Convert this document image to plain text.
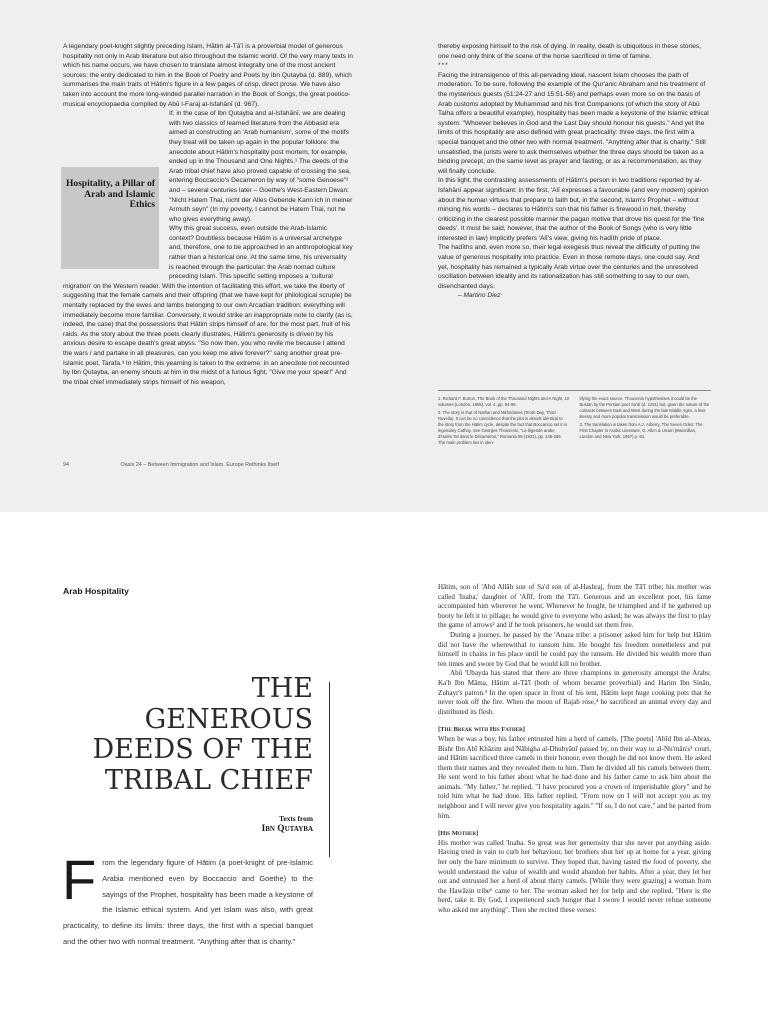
A legendary poet-knight slightly preceding Islam, Hātim al-Tā'ī is a proverbial model of generous hospitality not only in Arab literature but also throughout the Islamic world. Of the very many texts in which his name occurs, we have chosen to translate almost integrally one of the most ancient sources: the entry dedicated to him in the Book of Poetry and Poets by Ibn Qutayba (d. 889), which summarises the main traits of Hātim's figure in a few pages of crisp, direct prose. We have also taken into account the more long-winded parallel narration in the Book of Songs, the great poetico-musical encyclopaedia compiled by Abū l-Faraj al-Isfahānī (d. 967).

Hospitality, a Pillar of Arab and Islamic Ethics
If, in the case of Ibn Qutayba and al-Isfahānī, we are dealing with two classics of learned literature from the Abbasid era aimed at constructing an 'Arab humanism', some of the motifs they treat will be taken up again in the popular folklore: the anecdote about Hātim's hospitality post mortem, for example, ended up in the Thousand and One Nights.¹ The deeds of the Arab tribal chief have also proved capable of crossing the sea, entering Boccaccio's Decameron by way of "some Genoese"² and – several centuries later – Goethe's West-Eastern Diwan: "Nicht Hatem Thai, nicht der Alles Gebende Kann ich in meiner Armuth seyn" (In my poverty, I cannot be Hatem Thai, not he who gives everything away).
Why this great success, even outside the Arab-Islamic context? Doubtless because Hātim is a universal archetype and, therefore, one to be approached in an anthropological key rather than a historical one. At the same time, his universality is reached through the particular: the Arab nomad culture preceding Islam. This specific setting imposes a 'cultural migration' on the Western reader. With the intention of facilitating this effort, we take the liberty of suggesting that the female camels and their offspring (that we have kept for philological scruple) be mentally replaced by the ewes and lambs belonging to our own Arcadian tradition: everything will immediately become more familiar. Conversely, it would strike an inappropriate note to clarify (as is, indeed, the case) that the possessions that Hātim strips himself of are, for the most part, fruit of his raids. As the story about the three poets clearly illustrates, Hātim's generosity is driven by his anxious desire to escape death's great abyss. "So now then, you who revile me because I attend the wars / and partake in all pleasures, can you keep me alive forever?" sang another great pre-Islamic poet, Tarafa.³ In Hātim, this yearning is taken to the extreme: in an anecdote not recounted by Ibn Qutayba, an enemy shouts at him in the midst of a furious fight, "Give me your spear!" And the tribal chief immediately strips himself of his weapon,

94	Oasis 24 – Between Immigration and Islam. Europe Rethinks Itself

thereby exposing himself to the risk of dying. In reality, death is ubiquitous in these stories, one need only think of the scene of the horse sacrificed in time of famine.

***

Facing the intransigence of this all-pervading ideal, nascent Islam chooses the path of moderation. To be sure, following the example of the Qur'anic Abraham and his treatment of the mysterious guests (51:24-27 and 15:51-56) and perhaps even more so on the basis of Arab customs adopted by Muhammad and his first Companions (of which the story of Abū Talha offers a beautiful example), hospitality has been made a keystone of the Islamic ethical system: "Whoever believes in God and the Last Day should honour his guests." And yet the limits of this hospitality are also defined with great practicality: three days, the first with a special banquet and the other two with normal treatment. "Anything after that is charity." Still unsatisfied, the jurists were to ask themselves whether the three days should be taken as a binding precept, on the same level as prayer and fasting, or as a recommendation, as they will finally conclude.

In this light, the contrasting assessments of Hātim's person in two traditions reported by al-Isfahānī appear significant: in the first, 'Alī expresses a favourable (and very modern) opinion about the human virtues that prepare to faith but, in the second, Islam's Prophet – without mincing his words – declares to Hātim's son that his father is firewood in hell, thereby criticizing in the clearest possible manner the pagan motive that drove his quest for the 'fine deeds'. It must be said, however, that the author of the Book of Songs (who is very little interested in law) implicitly prefers 'Alī's view, giving his hadīth pride of place.

The hadīths and, even more so, their legal exegesis thus reveal the difficulty of putting the value of generous hospitality into practice. Even in those remote days, one could say. And yet, hospitality has remained a typically Arab virtue over the centuries and the unresolved oscillation between ideality and its rationalization has still something to say to our own, disenchanted days.

– Martino Diez

1. Richard F. Burton, The Book of the Thousand Nights and A Night, 10 volumes (London, 1885), vol. 4, pp. 94-96.

2. The story is that of Nathan and Mithridanes (Tenth Day, Third Novella). It can be no coincidence that the plot is almost identical to the story from the Hātim cycle, despite the fact that Boccaccio set it in legendary Cathay. See Georges Thouvenin, "La légende arabe d'Hatim Taï dans le Décaméron," Romania 59 (1933), pp. 248-269. The main problem lies in iden-

tifying the exact source. Thouvenin hypothesises it could be the Bustān by the Persian poet Sa'dī (d. 1291) but, given the nature of the contacts between East and West during the late Middle Ages, a less literary and more popular transmission would be preferable.

3. The translation is taken from A.J. Arberry, The Seven Odes: The First Chapter in Arabic Literature, G. Allen & Unwin (Macmillan, London and New York, 1957) p. 84.

Arab Hospitality
THE
GENEROUS
DEEDS OF THE
TRIBAL CHIEF
Texts from
Ibn Qutayba
F rom the legendary figure of Hātim (a poet-knight of pre-Islamic Arabia mentioned even by Boccaccio and Goethe) to the sayings of the Prophet, hospitality has been made a keystone of the Islamic ethical system. And yet Islam was also, with great practicality, to define its limits: three days, the first with a special banquet and the other two with normal treatment. "Anything after that is charity."

Hātim, son of 'Abd Allāh son of Sa'd son of al-Hashraj, from the Tā'ī tribe; his mother was called 'Inaba,' daughter of 'Afīf, from the Tā'ī. Generous and an excellent poet, his fame accompanied him wherever he went. Whenever he fought, he triumphed and if he gathered up booty he left it to pillage; he would give to everyone who asked; he was always the first to play the game of arrows² and if he took prisoners, he would set them free.

During a journey, he passed by the 'Anaza tribe: a prisoner asked him for help but Hātim did not have the wherewithal to ransom him. He bought his freedom nonetheless and put himself in chains in his place until he could pay the ransom. He divided his wealth more than ten times and swore by God that he would kill no brother.

Abū 'Ubayda has stated that there are three champions in generosity amongst the Arabs: Ka'b Ibn Māma, Hātim al-Tā'ī (both of whom became proverbial) and Harim Ibn Sinān, Zuhayr's patron.³ In the open space in front of his tent, Hātim kept huge cooking pots that he never took off the fire. When the moon of Rajab rose,⁴ he sacrificed an animal every day and distributed its flesh.

[The Break with His Father]

When he was a boy, his father entrusted him a herd of camels. [The poets] 'Abīd Ibn al-Abras, Bishr Ibn Abī Khāzim and Nābigha al-Dhubyānī passed by, on their way to al-Nu'mān's⁵ court, and Hātim sacrificed three camels in their honour, even though he did not know them. He asked them their names and they revealed them to him. Then he divided all his camels between them. He sent word to his father about what he had done and his father came to ask him about the animals. "My father," he replied, "I have procured you a crown of imperishable glory" and he told him what he had done. His father replied, "From now on I will not accept you as my neighbour and I will never give you hospitality again." "If so, I do not care," and he parted from him.

[His Mother]

His mother was called 'Inaba. So great was her generosity that she never put anything aside. Having tried in vain to curb her behaviour, her brothers shut her up at home for a year, giving her only the bare minimum to survive. They hoped that, having tasted the food of poverty, she would understand the value of wealth and would abandon her habits. After a year, they let her out and entrusted her a herd of about thirty camels. [While they were grazing] a woman from the Hawāzin tribe⁶ came to her. The woman asked her for help and she replied, "Here is the herd, take it. By God, I experienced such hunger that I swore I would never refuse someone who asked me anything". Then she recited these verses:
